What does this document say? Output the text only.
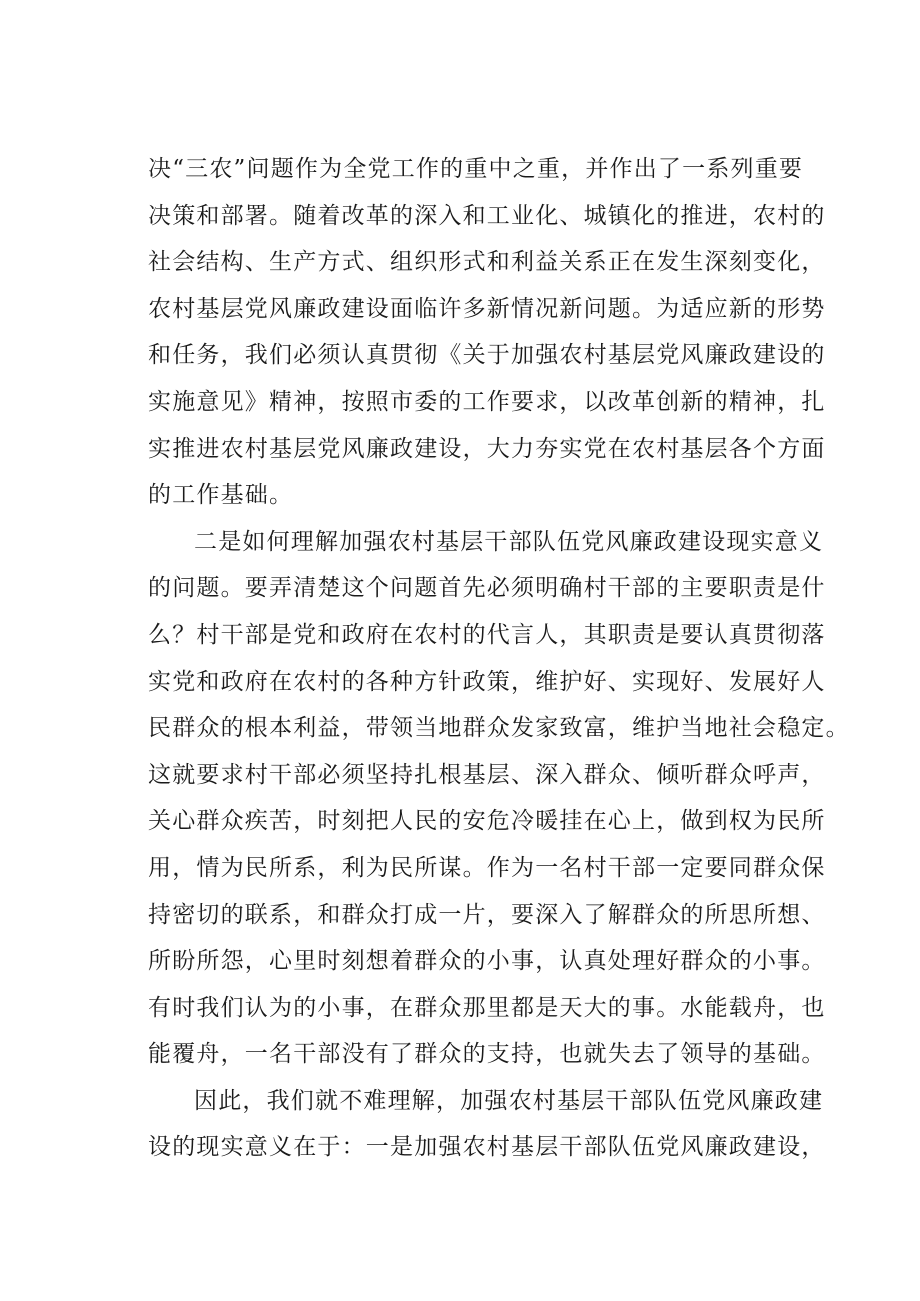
决“三农”问题作为全党工作的重中之重，并作出了一系列重要
决策和部署。随着改革的深入和工业化、城镇化的推进，农村的
社会结构、生产方式、组织形式和利益关系正在发生深刻变化，
农村基层党风廉政建设面临许多新情况新问题。为适应新的形势
和任务，我们必须认真贯彻《关于加强农村基层党风廉政建设的
实施意见》精神，按照市委的工作要求，以改革创新的精神，扎
实推进农村基层党风廉政建设，大力夯实党在农村基层各个方面
的工作基础。
二是如何理解加强农村基层干部队伍党风廉政建设现实意义
的问题。要弄清楚这个问题首先必须明确村干部的主要职责是什
么？村干部是党和政府在农村的代言人，其职责是要认真贯彻落
实党和政府在农村的各种方针政策，维护好、实现好、发展好人
民群众的根本利益，带领当地群众发家致富，维护当地社会稳定。
这就要求村干部必须坚持扎根基层、深入群众、倾听群众呼声，
关心群众疾苦，时刻把人民的安危冷暖挂在心上，做到权为民所
用，情为民所系，利为民所谋。作为一名村干部一定要同群众保
持密切的联系，和群众打成一片，要深入了解群众的所思所想、
所盼所怨，心里时刻想着群众的小事，认真处理好群众的小事。
有时我们认为的小事，在群众那里都是天大的事。水能载舟，也
能覆舟，一名干部没有了群众的支持，也就失去了领导的基础。
因此，我们就不难理解，加强农村基层干部队伍党风廉政建
设的现实意义在于：一是加强农村基层干部队伍党风廉政建设，
